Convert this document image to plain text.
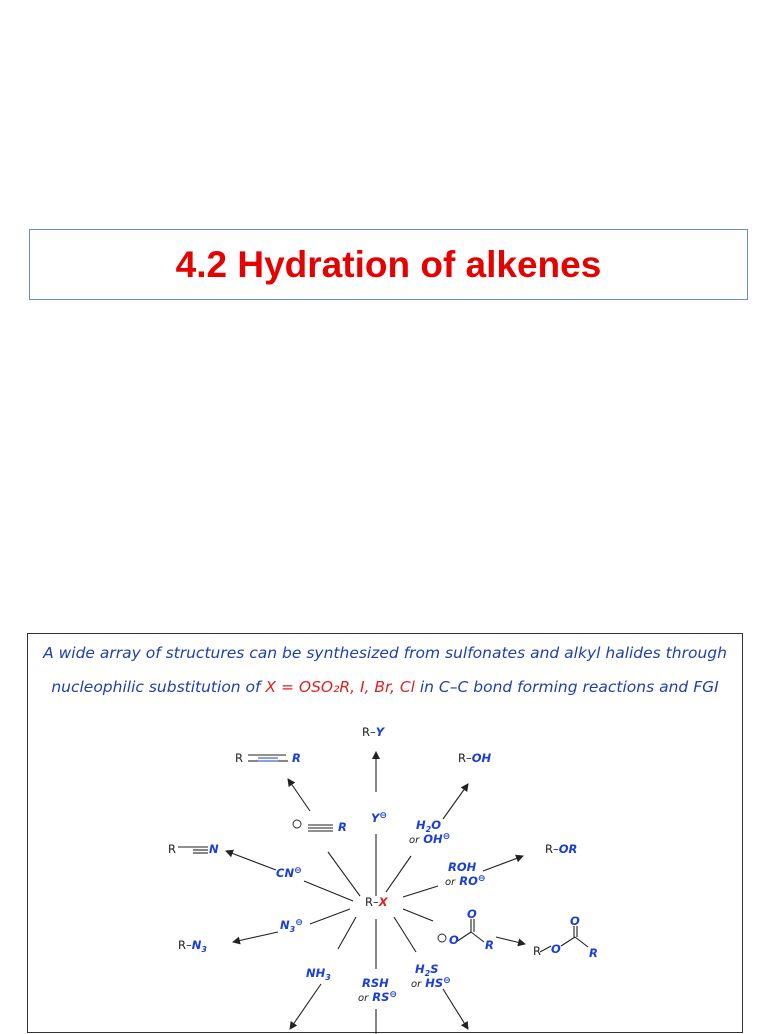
4.2 Hydration of alkenes
A wide array of structures can be synthesized from sulfonates and alkyl halides through
nucleophilic substitution of X = OSO₂R, I, Br, Cl in C–C bond forming reactions and FGI
R–X
R–Y
Y⊖
R	R
R
R	N
CN⊖
$R-N_3$
$N_3^⊖$
$NH_3$	RSH
or RS⊖
$H_2S$
or HS⊖
$H_2O$
or OH⊖
R–OH
ROH
or RO⊖
R–OR
O
O R
O
R O R
